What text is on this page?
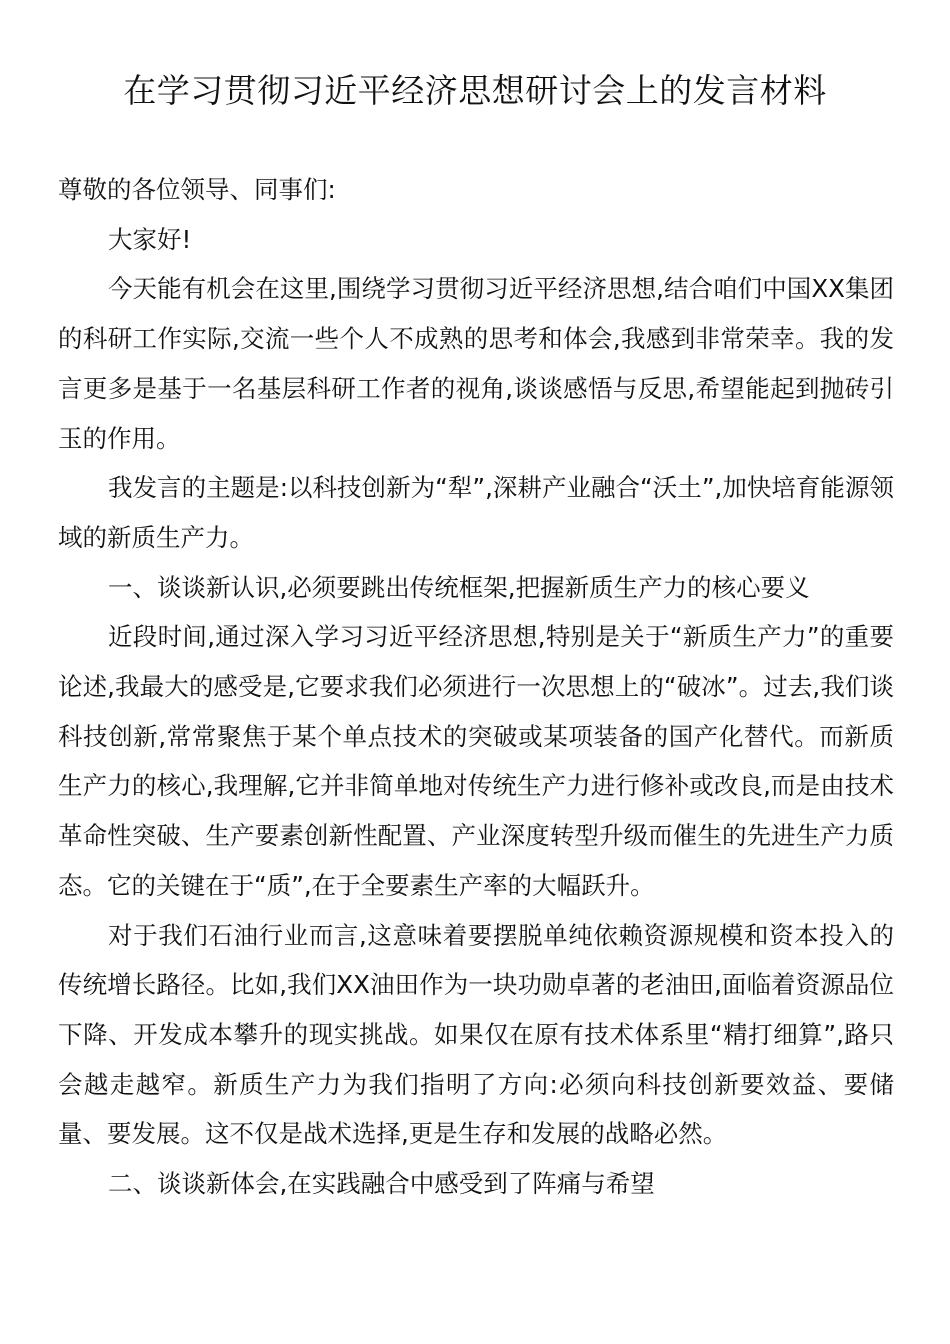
在学习贯彻习近平经济思想研讨会上的发言材料

尊敬的各位领导、同事们:

大家好!

今天能有机会在这里,围绕学习贯彻习近平经济思想,结合咱们中国XX集团的科研工作实际,交流一些个人不成熟的思考和体会,我感到非常荣幸。我的发言更多是基于一名基层科研工作者的视角,谈谈感悟与反思,希望能起到抛砖引玉的作用。

我发言的主题是:以科技创新为“犁”,深耕产业融合“沃土”,加快培育能源领域的新质生产力。

一、谈谈新认识,必须要跳出传统框架,把握新质生产力的核心要义

近段时间,通过深入学习习近平经济思想,特别是关于“新质生产力”的重要论述,我最大的感受是,它要求我们必须进行一次思想上的“破冰”。过去,我们谈科技创新,常常聚焦于某个单点技术的突破或某项装备的国产化替代。而新质生产力的核心,我理解,它并非简单地对传统生产力进行修补或改良,而是由技术革命性突破、生产要素创新性配置、产业深度转型升级而催生的先进生产力质态。它的关键在于“质”,在于全要素生产率的大幅跃升。

对于我们石油行业而言,这意味着要摆脱单纯依赖资源规模和资本投入的传统增长路径。比如,我们XX油田作为一块功勋卓著的老油田,面临着资源品位下降、开发成本攀升的现实挑战。如果仅在原有技术体系里“精打细算”,路只会越走越窄。新质生产力为我们指明了方向:必须向科技创新要效益、要储量、要发展。这不仅是战术选择,更是生存和发展的战略必然。

二、谈谈新体会,在实践融合中感受到了阵痛与希望
